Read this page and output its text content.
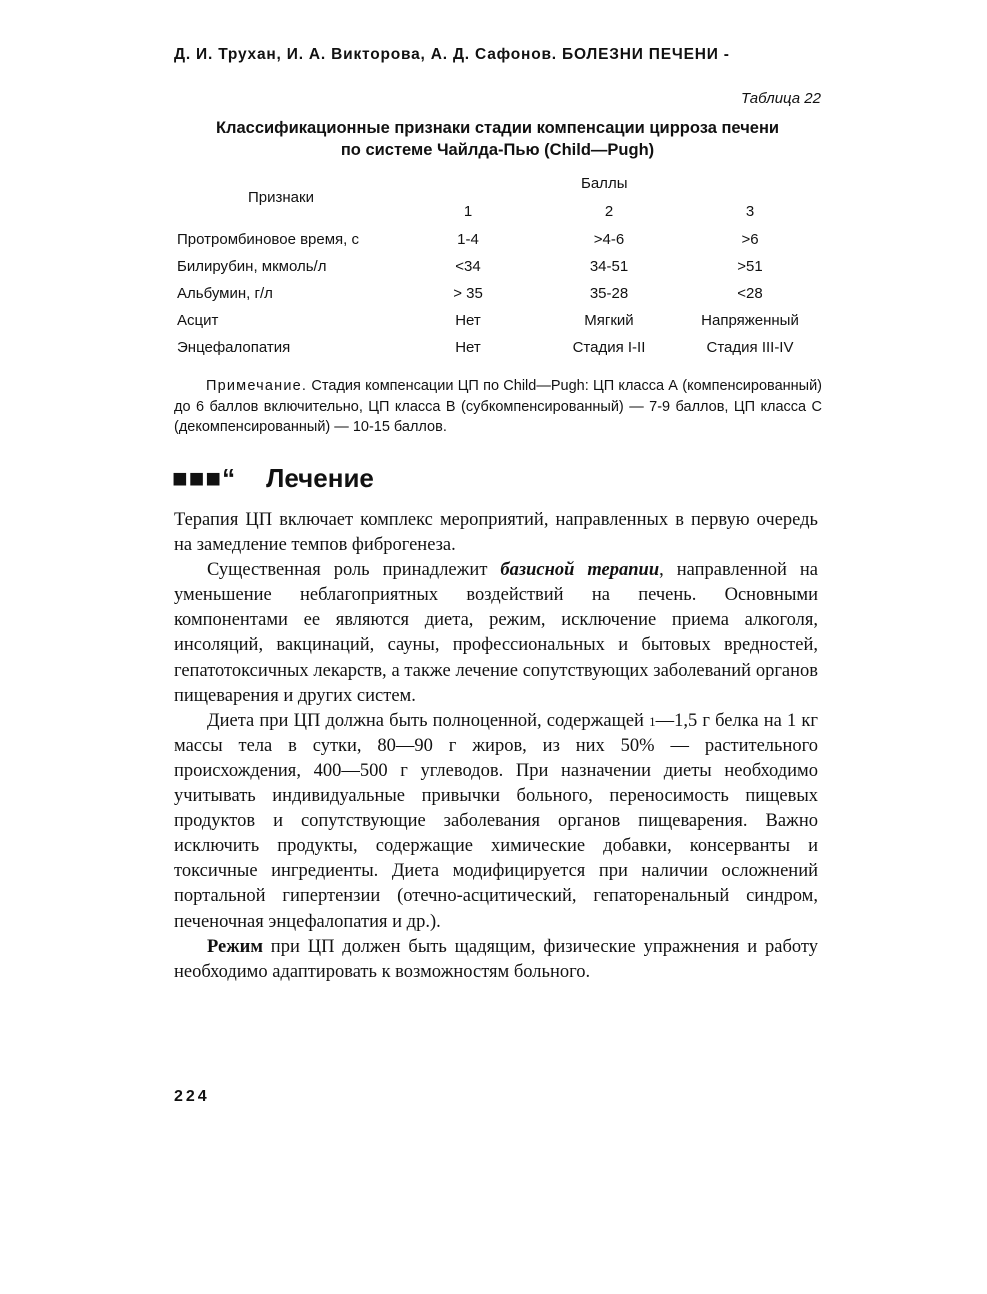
Д. И. Трухан, И. А. Викторова, А. Д. Сафонов. БОЛЕЗНИ ПЕЧЕНИ -
Таблица 22
Классификационные признаки стадии компенсации цирроза печени
по системе Чайлда-Пью (Child—Pugh)
Признаки
Баллы
1	2	3
Протромбиновое время, с	1-4	>4-6	>6
Билирубин, мкмоль/л	<34	34-51	>51
Альбумин, г/л	> 35	35-28	<28
Асцит	Нет	Мягкий	Напряженный
Энцефалопатия	Нет	Стадия I-II	Стадия III-IV
Примечание. Стадия компенсации ЦП по Child—Pugh: ЦП класса А (компенсированный) до 6 баллов включительно, ЦП класса В (субкомпенсированный) — 7-9 баллов, ЦП класса С (декомпенсированный) — 10-15 баллов.
■■■“ Лечение

Терапия ЦП включает комплекс мероприятий, направленных в первую очередь на замедление темпов фиброгенеза.

Существенная роль принадлежит базисной терапии, направленной на уменьшение неблагоприятных воздействий на печень. Основными компонентами ее являются диета, режим, исключение приема алкоголя, инсоляций, вакцинаций, сауны, профессиональных и бытовых вредностей, гепатотоксичных лекарств, а также лечение сопутствующих заболеваний органов пищеварения и других систем.

Диета при ЦП должна быть полноценной, содержащей 1—1,5 г белка на 1 кг массы тела в сутки, 80—90 г жиров, из них 50% — растительного происхождения, 400—500 г углеводов. При назначении диеты необходимо учитывать индивидуальные привычки больного, переносимость пищевых продуктов и сопутствующие заболевания органов пищеварения. Важно исключить продукты, содержащие химические добавки, консерванты и токсичные ингредиенты. Диета модифицируется при наличии осложнений портальной гипертензии (отечно-асцитический, гепаторенальный синдром, печеночная энцефалопатия и др.).

Режим при ЦП должен быть щадящим, физические упражнения и работу необходимо адаптировать к возможностям больного.

224
